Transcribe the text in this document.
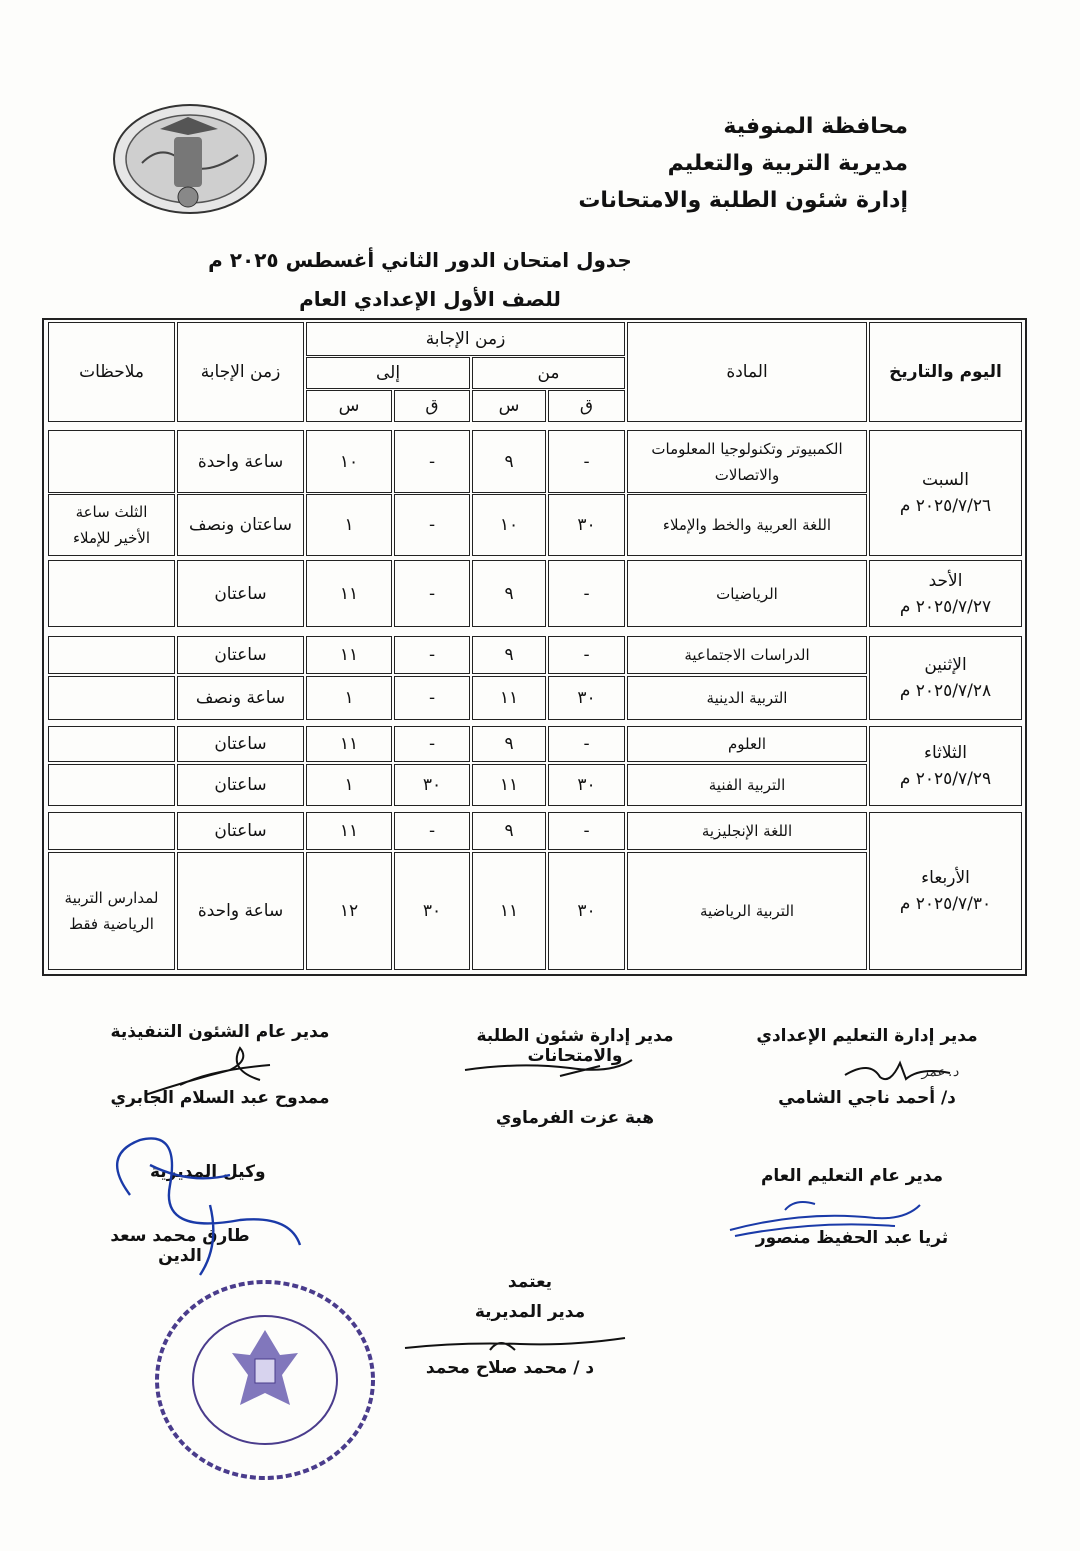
محافظة المنوفية
مديرية التربية والتعليم
إدارة شئون الطلبة والامتحانات
جدول امتحان الدور الثاني أغسطس ٢٠٢٥ م
للصف الأول الإعدادي العام
اليوم والتاريخ
المادة
زمن الإجابة
من
إلى
ق
س
ق
س
زمن الإجابة
ملاحظات
السبت
٢٠٢٥/٧/٢٦ م
الأحد
٢٠٢٥/٧/٢٧ م
الإثنين
٢٠٢٥/٧/٢٨ م
الثلاثاء
٢٠٢٥/٧/٢٩ م
الأربعاء
٢٠٢٥/٧/٣٠ م
الكمبيوتر وتكنولوجيا المعلومات والاتصالات
-
٩
-
١٠
ساعة واحدة
اللغة العربية والخط والإملاء
٣٠
١٠
-
١
ساعتان ونصف
الثلث ساعة الأخير للإملاء
الرياضيات
-
٩
-
١١
ساعتان
الدراسات الاجتماعية
-
٩
-
١١
ساعتان
التربية الدينية
٣٠
١١
-
١
ساعة ونصف
العلوم
-
٩
-
١١
ساعتان
التربية الفنية
٣٠
١١
٣٠
١
ساعتان
اللغة الإنجليزية
-
٩
-
١١
ساعتان
التربية الرياضية
٣٠
١١
٣٠
١٢
ساعة واحدة
لمدارس التربية الرياضية فقط
مدير إدارة التعليم الإعدادي
د/ أحمد ناجي الشامي
د. عمر
مدير إدارة شئون الطلبة والامتحانات
هبة عزت الفرماوي
مدير عام الشئون التنفيذية
ممدوح عبد السلام الجابري
مدير عام التعليم العام
ثريا عبد الحفيظ منصور
وكيل المديرية
طارق محمد سعد الدين
يعتمد
مدير المديرية
د / محمد صلاح محمد
